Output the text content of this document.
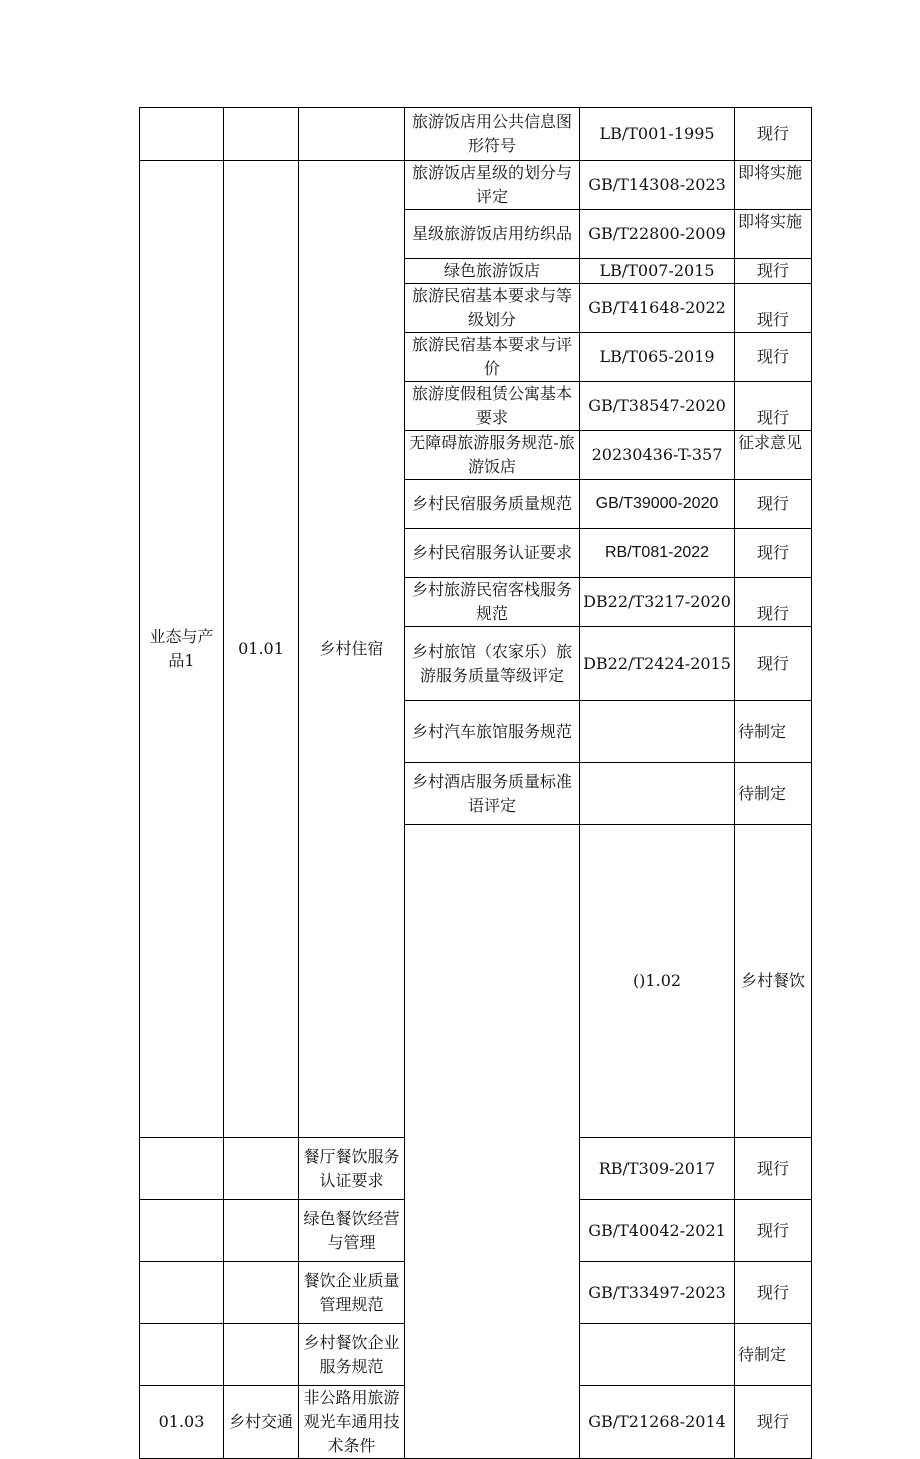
			旅游饭店用公共信息图形符号	LB/T001-1995	现行	
业态与产品1	01.01	乡村住宿	旅游饭店星级的划分与评定	GB/T14308-2023	即将实施	
			星级旅游饭店用纺织品	GB/T22800-2009	即将实施	
			绿色旅游饭店	LB/T007-2015	现行	
			旅游民宿基本要求与等级划分	GB/T41648-2022	现行	
			旅游民宿基本要求与评价	LB/T065-2019	现行	
			旅游度假租赁公寓基本要求	GB/T38547-2020	现行	
			无障碍旅游服务规范-旅游饭店	20230436-T-357	征求意见	
			乡村民宿服务质量规范	GB/T39000-2020	现行	
			乡村民宿服务认证要求	RB/T081-2022	现行	
			乡村旅游民宿客栈服务规范	DB22/T3217-2020	现行	
			乡村旅馆（农家乐）旅游服务质量等级评定	DB22/T2424-2015	现行	
			乡村汽车旅馆服务规范		待制定	
			乡村酒店服务质量标准语评定		待制定	
				()1.02	乡村餐饮			
		餐厅餐饮服务认证要求		RB/T309-2017	现行	
		绿色餐饮经营与管理		GB/T40042-2021	现行	
		餐饮企业质量管理规范		GB/T33497-2023	现行	
		乡村餐饮企业服务规范			待制定	
01.03	乡村交通	非公路用旅游观光车通用技术条件		GB/T21268-2014	现行	
